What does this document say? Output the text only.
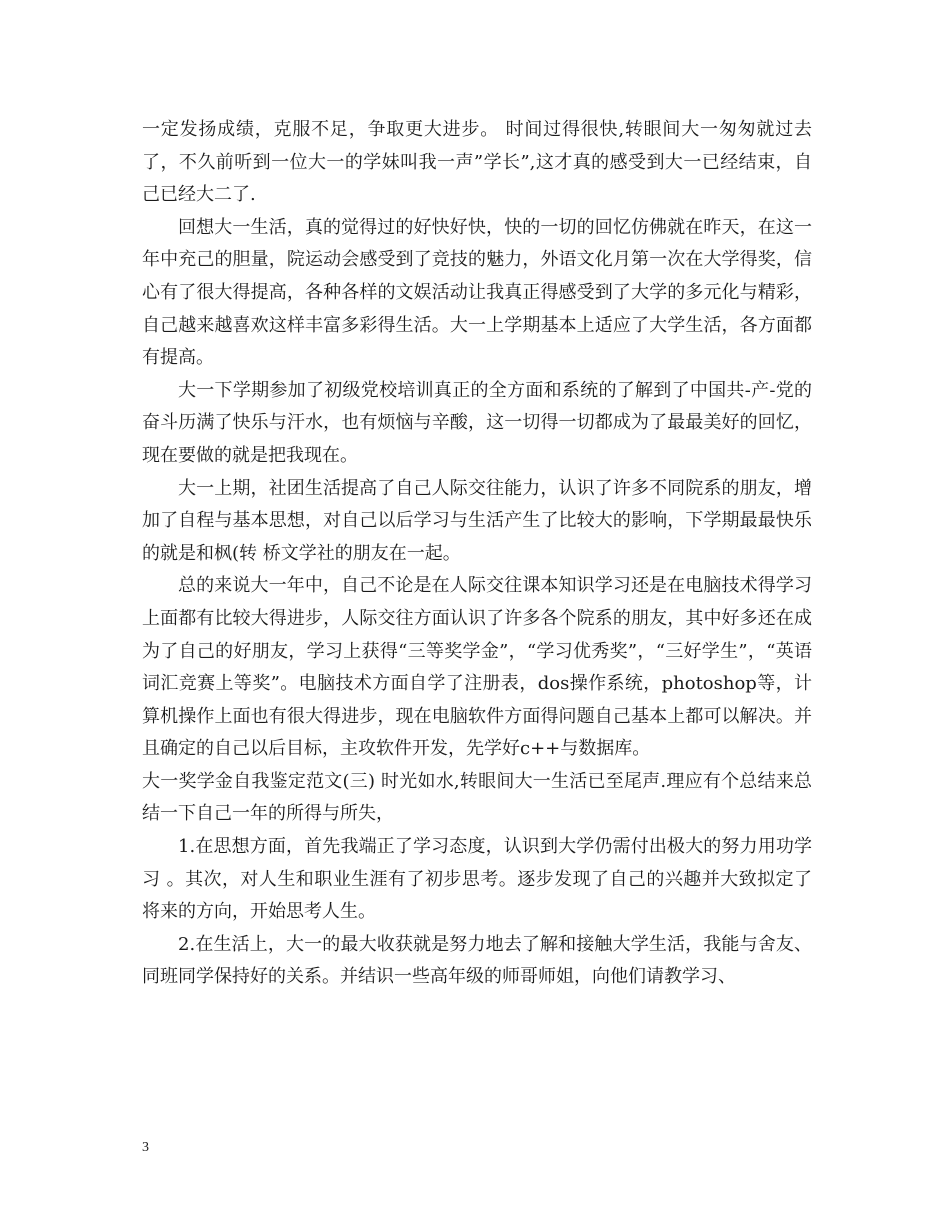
一定发扬成绩，克服不足，争取更大进步。 时间过得很快,转眼间大一匆匆就过去了，不久前听到一位大一的学妹叫我一声”学长”,这才真的感受到大一已经结束，自己已经大二了.

回想大一生活，真的觉得过的好快好快，快的一切的回忆仿佛就在昨天，在这一年中充己的胆量，院运动会感受到了竞技的魅力，外语文化月第一次在大学得奖，信心有了很大得提高，各种各样的文娱活动让我真正得感受到了大学的多元化与精彩，自己越来越喜欢这样丰富多彩得生活。大一上学期基本上适应了大学生活，各方面都有提高。

大一下学期参加了初级党校培训真正的全方面和系统的了解到了中国共-产-党的奋斗历满了快乐与汗水，也有烦恼与辛酸，这一切得一切都成为了最最美好的回忆，现在要做的就是把我现在。

大一上期，社团生活提高了自己人际交往能力，认识了许多不同院系的朋友，增加了自程与基本思想，对自己以后学习与生活产生了比较大的影响，下学期最最快乐的就是和枫(转 桥文学社的朋友在一起。

总的来说大一年中，自己不论是在人际交往课本知识学习还是在电脑技术得学习上面都有比较大得进步，人际交往方面认识了许多各个院系的朋友，其中好多还在成为了自己的好朋友，学习上获得“三等奖学金”，“学习优秀奖”，“三好学生”，“英语词汇竞赛上等奖”。电脑技术方面自学了注册表，dos操作系统，photoshop等，计算机操作上面也有很大得进步，现在电脑软件方面得问题自己基本上都可以解决。并且确定的自己以后目标，主攻软件开发，先学好c++与数据库。

大一奖学金自我鉴定范文(三) 时光如水,转眼间大一生活已至尾声.理应有个总结来总结一下自己一年的所得与所失，

1.在思想方面，首先我端正了学习态度，认识到大学仍需付出极大的努力用功学习 。其次，对人生和职业生涯有了初步思考。逐步发现了自己的兴趣并大致拟定了将来的方向，开始思考人生。

2.在生活上，大一的最大收获就是努力地去了解和接触大学生活，我能与舍友、同班同学保持好的关系。并结识一些高年级的师哥师姐，向他们请教学习、

3
